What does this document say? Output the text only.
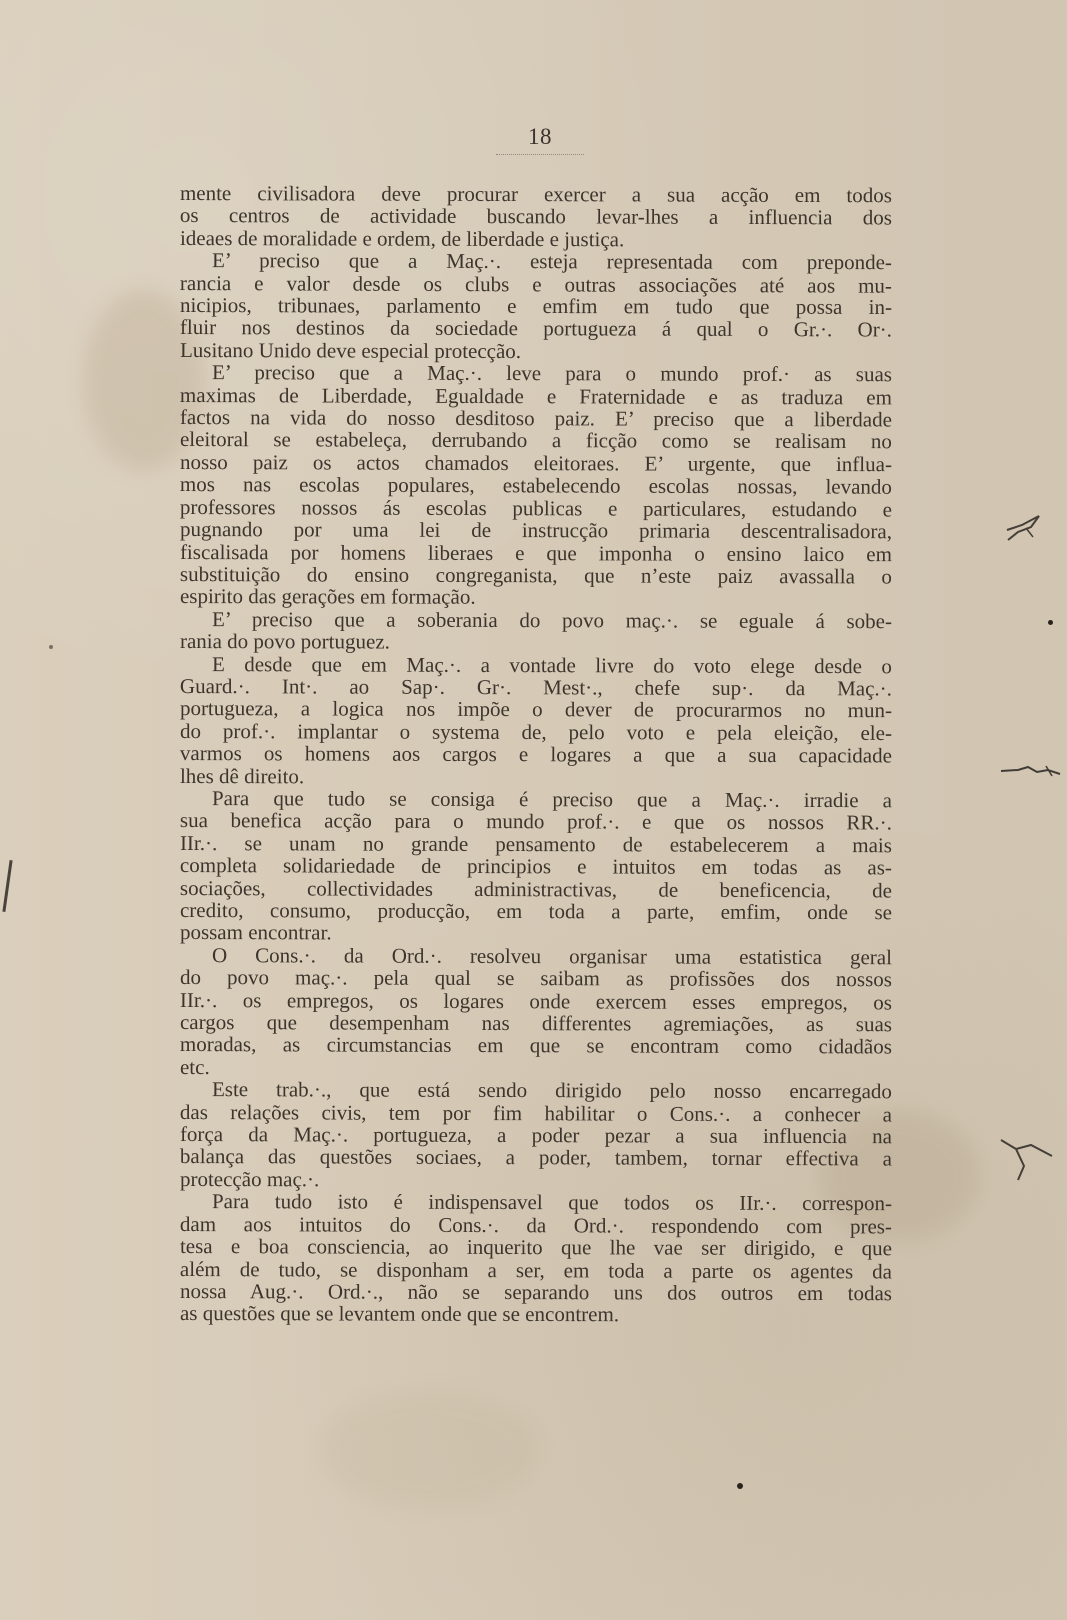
18
mente civilisadora deve procurar exercer a sua acção em todos
os centros de actividade buscando levar-lhes a influencia dos
ideaes de moralidade e ordem, de liberdade e justiça.
E’ preciso que a Maç.·. esteja representada com preponde-
rancia e valor desde os clubs e outras associações até aos mu-
nicipios, tribunaes, parlamento e emfim em tudo que possa in-
fluir nos destinos da sociedade portugueza á qual o Gr.·. Or·.
Lusitano Unido deve especial protecção.
E’ preciso que a Maç.·. leve para o mundo prof.· as suas
maximas de Liberdade, Egualdade e Fraternidade e as traduza em
factos na vida do nosso desditoso paiz. E’ preciso que a liberdade
eleitoral se estabeleça, derrubando a ficção como se realisam no
nosso paiz os actos chamados eleitoraes. E’ urgente, que influa-
mos nas escolas populares, estabelecendo escolas nossas, levando
professores nossos ás escolas publicas e particulares, estudando e
pugnando por uma lei de instrucção primaria descentralisadora,
fiscalisada por homens liberaes e que imponha o ensino laico em
substituição do ensino congreganista, que n’este paiz avassalla o
espirito das gerações em formação.
E’ preciso que a soberania do povo maç.·. se eguale á sobe-
rania do povo portuguez.
E desde que em Maç.·. a vontade livre do voto elege desde o
Guard.·. Int·. ao Sap·. Gr·. Mest·., chefe sup·. da Maç.·.
portugueza, a logica nos impõe o dever de procurarmos no mun-
do prof.·. implantar o systema de, pelo voto e pela eleição, ele-
varmos os homens aos cargos e logares a que a sua capacidade
lhes dê direito.
Para que tudo se consiga é preciso que a Maç.·. irradie a
sua benefica acção para o mundo prof.·. e que os nossos RR.·.
IIr.·. se unam no grande pensamento de estabelecerem a mais
completa solidariedade de principios e intuitos em todas as as-
sociações, collectividades administractivas, de beneficencia, de
credito, consumo, producção, em toda a parte, emfim, onde se
possam encontrar.
O Cons.·. da Ord.·. resolveu organisar uma estatistica geral
do povo maç.·. pela qual se saibam as profissões dos nossos
IIr.·. os empregos, os logares onde exercem esses empregos, os
cargos que desempenham nas differentes agremiações, as suas
moradas, as circumstancias em que se encontram como cidadãos
etc.
Este trab.·., que está sendo dirigido pelo nosso encarregado
das relações civis, tem por fim habilitar o Cons.·. a conhecer a
força da Maç.·. portugueza, a poder pezar a sua influencia na
balança das questões sociaes, a poder, tambem, tornar effectiva a
protecção maç.·.
Para tudo isto é indispensavel que todos os IIr.·. correspon-
dam aos intuitos do Cons.·. da Ord.·. respondendo com pres-
tesa e boa consciencia, ao inquerito que lhe vae ser dirigido, e que
além de tudo, se disponham a ser, em toda a parte os agentes da
nossa Aug.·. Ord.·., não se separando uns dos outros em todas
as questões que se levantem onde que se encontrem.
